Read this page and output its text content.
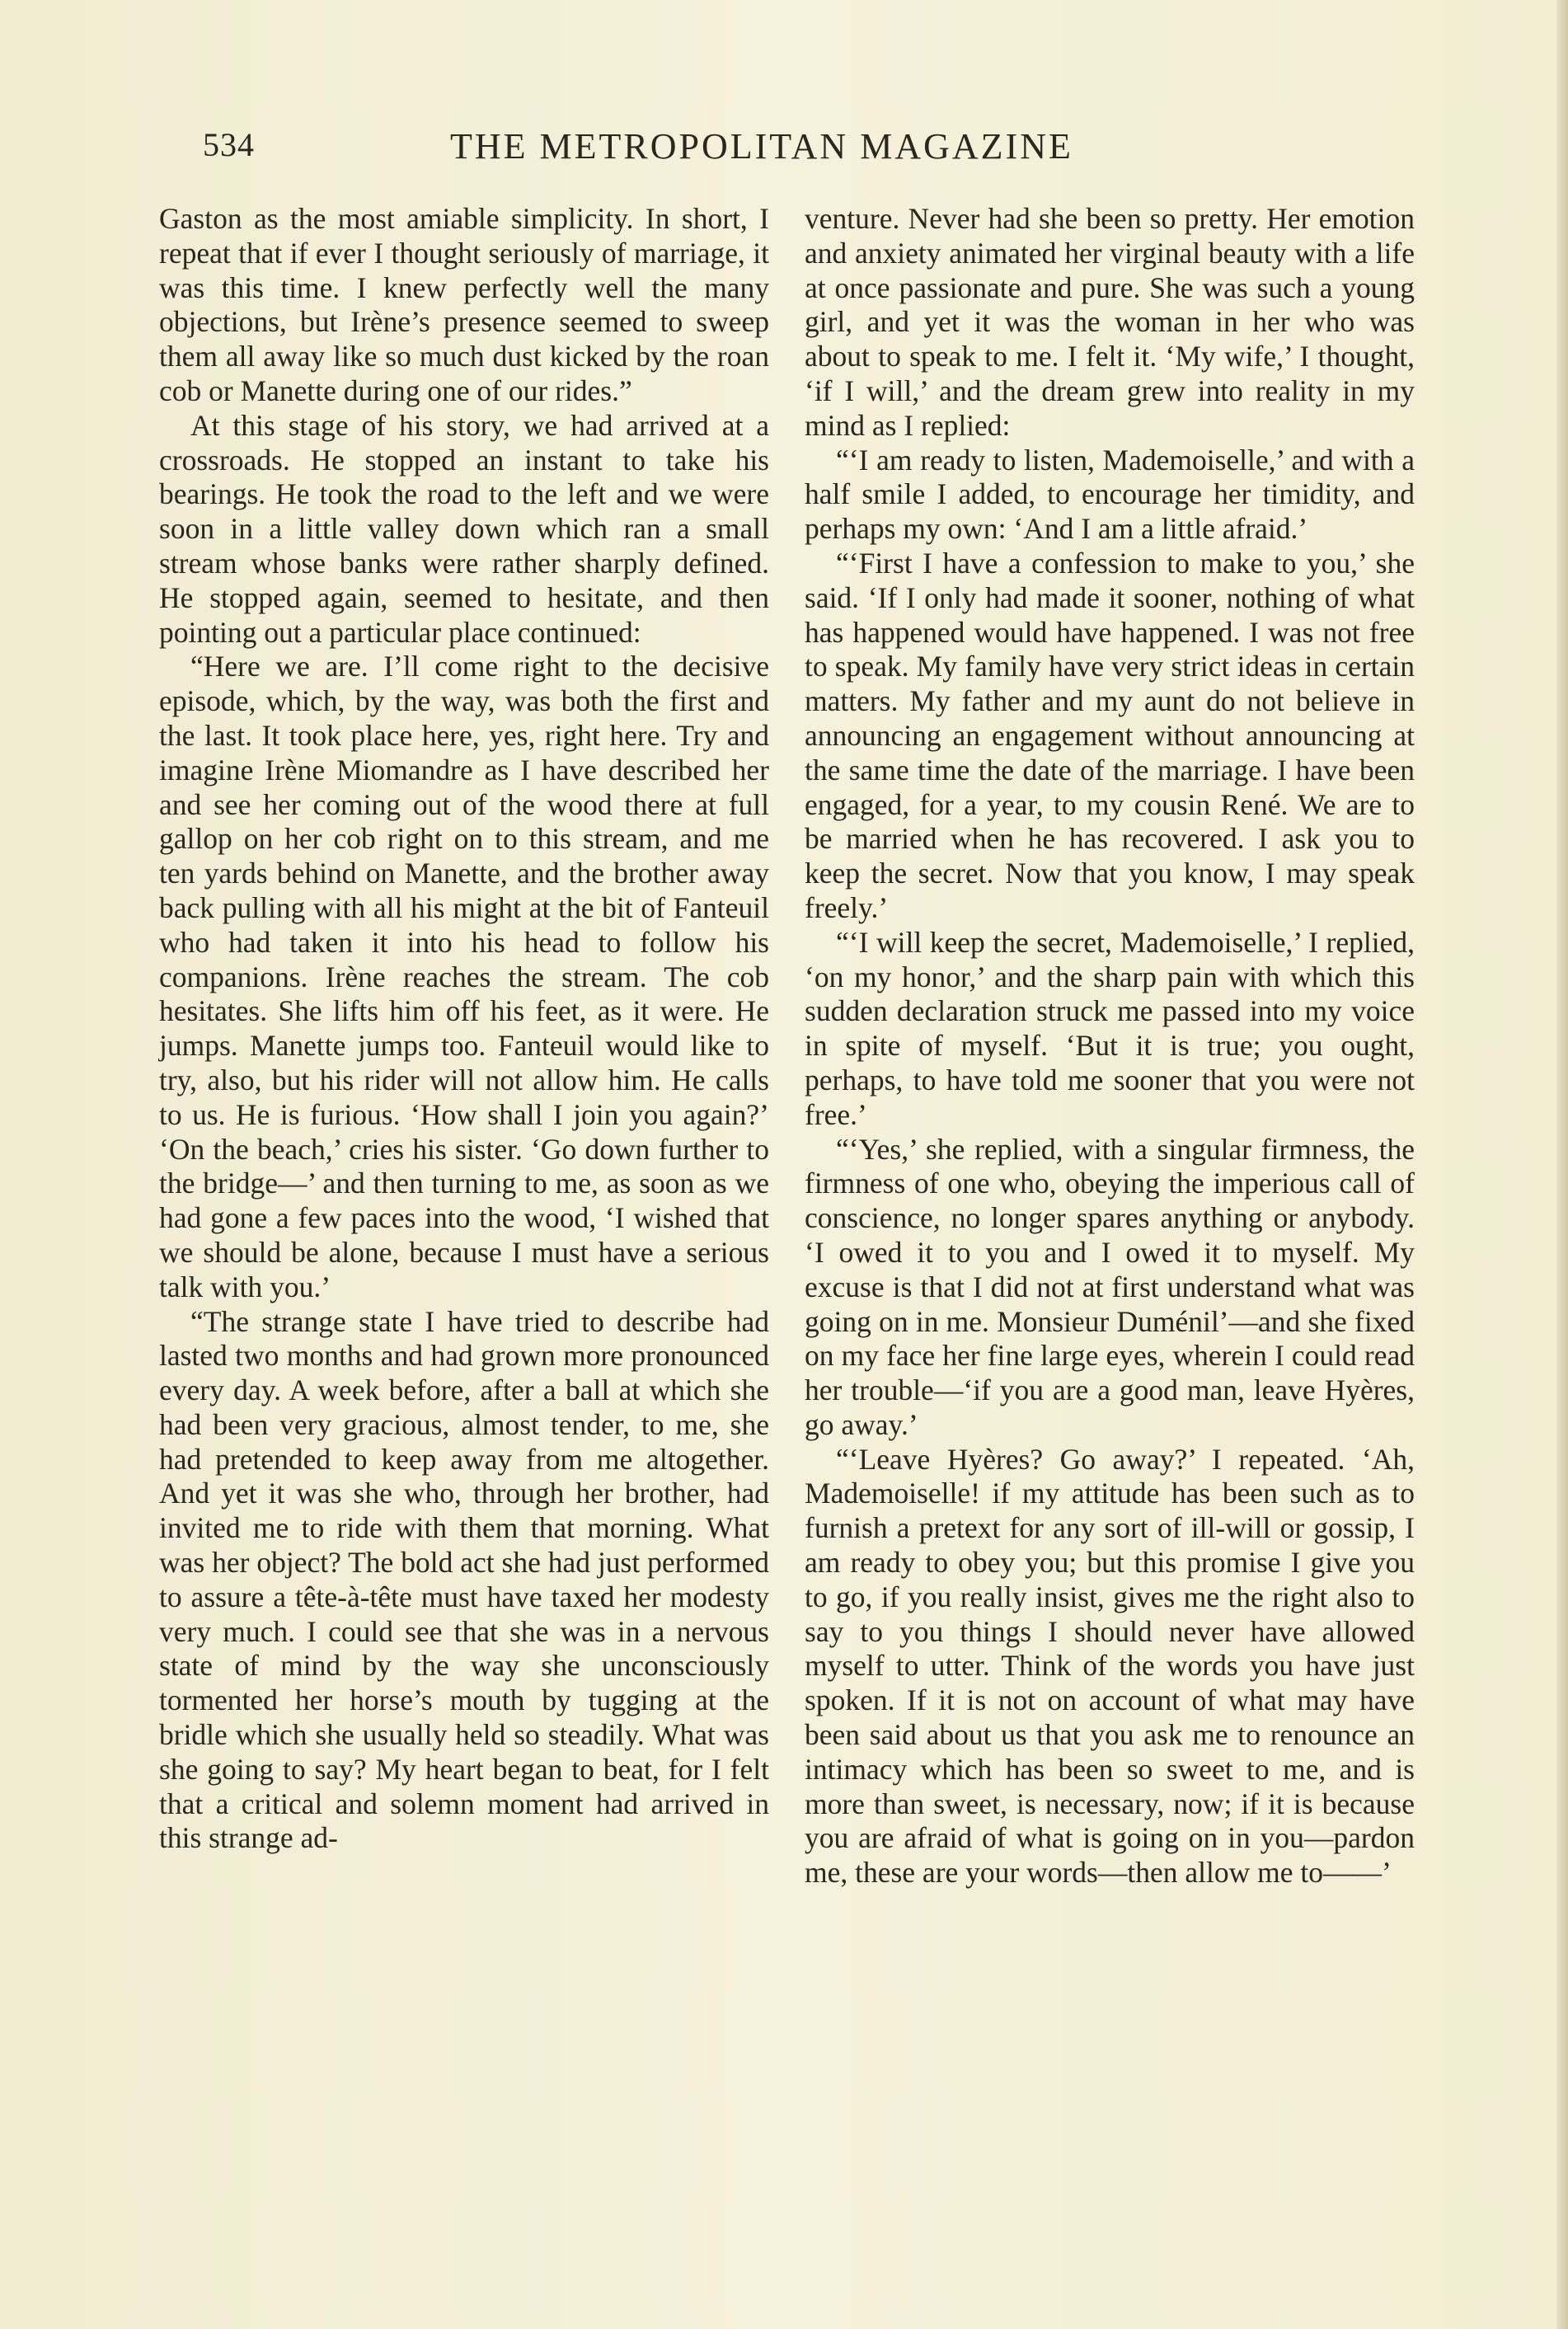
534	THE METROPOLITAN MAGAZINE

Gaston as the most amiable simplicity. In short, I repeat that if ever I thought seriously of marriage, it was this time. I knew perfectly well the many objections, but Irène’s presence seemed to sweep them all away like so much dust kicked by the roan cob or Manette during one of our rides.”

At this stage of his story, we had arrived at a crossroads. He stopped an instant to take his bearings. He took the road to the left and we were soon in a little valley down which ran a small stream whose banks were rather sharply defined. He stopped again, seemed to hesitate, and then pointing out a particular place continued:

“Here we are. I’ll come right to the decisive episode, which, by the way, was both the first and the last. It took place here, yes, right here. Try and imagine Irène Miomandre as I have described her and see her coming out of the wood there at full gallop on her cob right on to this stream, and me ten yards behind on Manette, and the brother away back pulling with all his might at the bit of Fanteuil who had taken it into his head to follow his companions. Irène reaches the stream. The cob hesitates. She lifts him off his feet, as it were. He jumps. Manette jumps too. Fanteuil would like to try, also, but his rider will not allow him. He calls to us. He is furious. ‘How shall I join you again?’ ‘On the beach,’ cries his sister. ‘Go down further to the bridge—’ and then turning to me, as soon as we had gone a few paces into the wood, ‘I wished that we should be alone, because I must have a serious talk with you.’

“The strange state I have tried to describe had lasted two months and had grown more pronounced every day. A week before, after a ball at which she had been very gracious, almost tender, to me, she had pretended to keep away from me altogether. And yet it was she who, through her brother, had invited me to ride with them that morning. What was her object? The bold act she had just performed to assure a tête-à-tête must have taxed her modesty very much. I could see that she was in a nervous state of mind by the way she unconsciously tormented her horse’s mouth by tugging at the bridle which she usually held so steadily. What was she going to say? My heart began to beat, for I felt that a critical and solemn moment had arrived in this strange ad-

venture. Never had she been so pretty. Her emotion and anxiety animated her virginal beauty with a life at once passionate and pure. She was such a young girl, and yet it was the woman in her who was about to speak to me. I felt it. ‘My wife,’ I thought, ‘if I will,’ and the dream grew into reality in my mind as I replied:

“‘I am ready to listen, Mademoiselle,’ and with a half smile I added, to encourage her timidity, and perhaps my own: ‘And I am a little afraid.’

“‘First I have a confession to make to you,’ she said. ‘If I only had made it sooner, nothing of what has happened would have happened. I was not free to speak. My family have very strict ideas in certain matters. My father and my aunt do not believe in announcing an engagement without announcing at the same time the date of the marriage. I have been engaged, for a year, to my cousin René. We are to be married when he has recovered. I ask you to keep the secret. Now that you know, I may speak freely.’

“‘I will keep the secret, Mademoiselle,’ I replied, ‘on my honor,’ and the sharp pain with which this sudden declaration struck me passed into my voice in spite of myself. ‘But it is true; you ought, perhaps, to have told me sooner that you were not free.’

“‘Yes,’ she replied, with a singular firmness, the firmness of one who, obeying the imperious call of conscience, no longer spares anything or anybody. ‘I owed it to you and I owed it to myself. My excuse is that I did not at first understand what was going on in me. Monsieur Duménil’—and she fixed on my face her fine large eyes, wherein I could read her trouble—‘if you are a good man, leave Hyères, go away.’

“‘Leave Hyères? Go away?’ I repeated. ‘Ah, Mademoiselle! if my attitude has been such as to furnish a pretext for any sort of ill-will or gossip, I am ready to obey you; but this promise I give you to go, if you really insist, gives me the right also to say to you things I should never have allowed myself to utter. Think of the words you have just spoken. If it is not on account of what may have been said about us that you ask me to renounce an intimacy which has been so sweet to me, and is more than sweet, is necessary, now; if it is because you are afraid of what is going on in you—pardon me, these are your words—then allow me to——’
